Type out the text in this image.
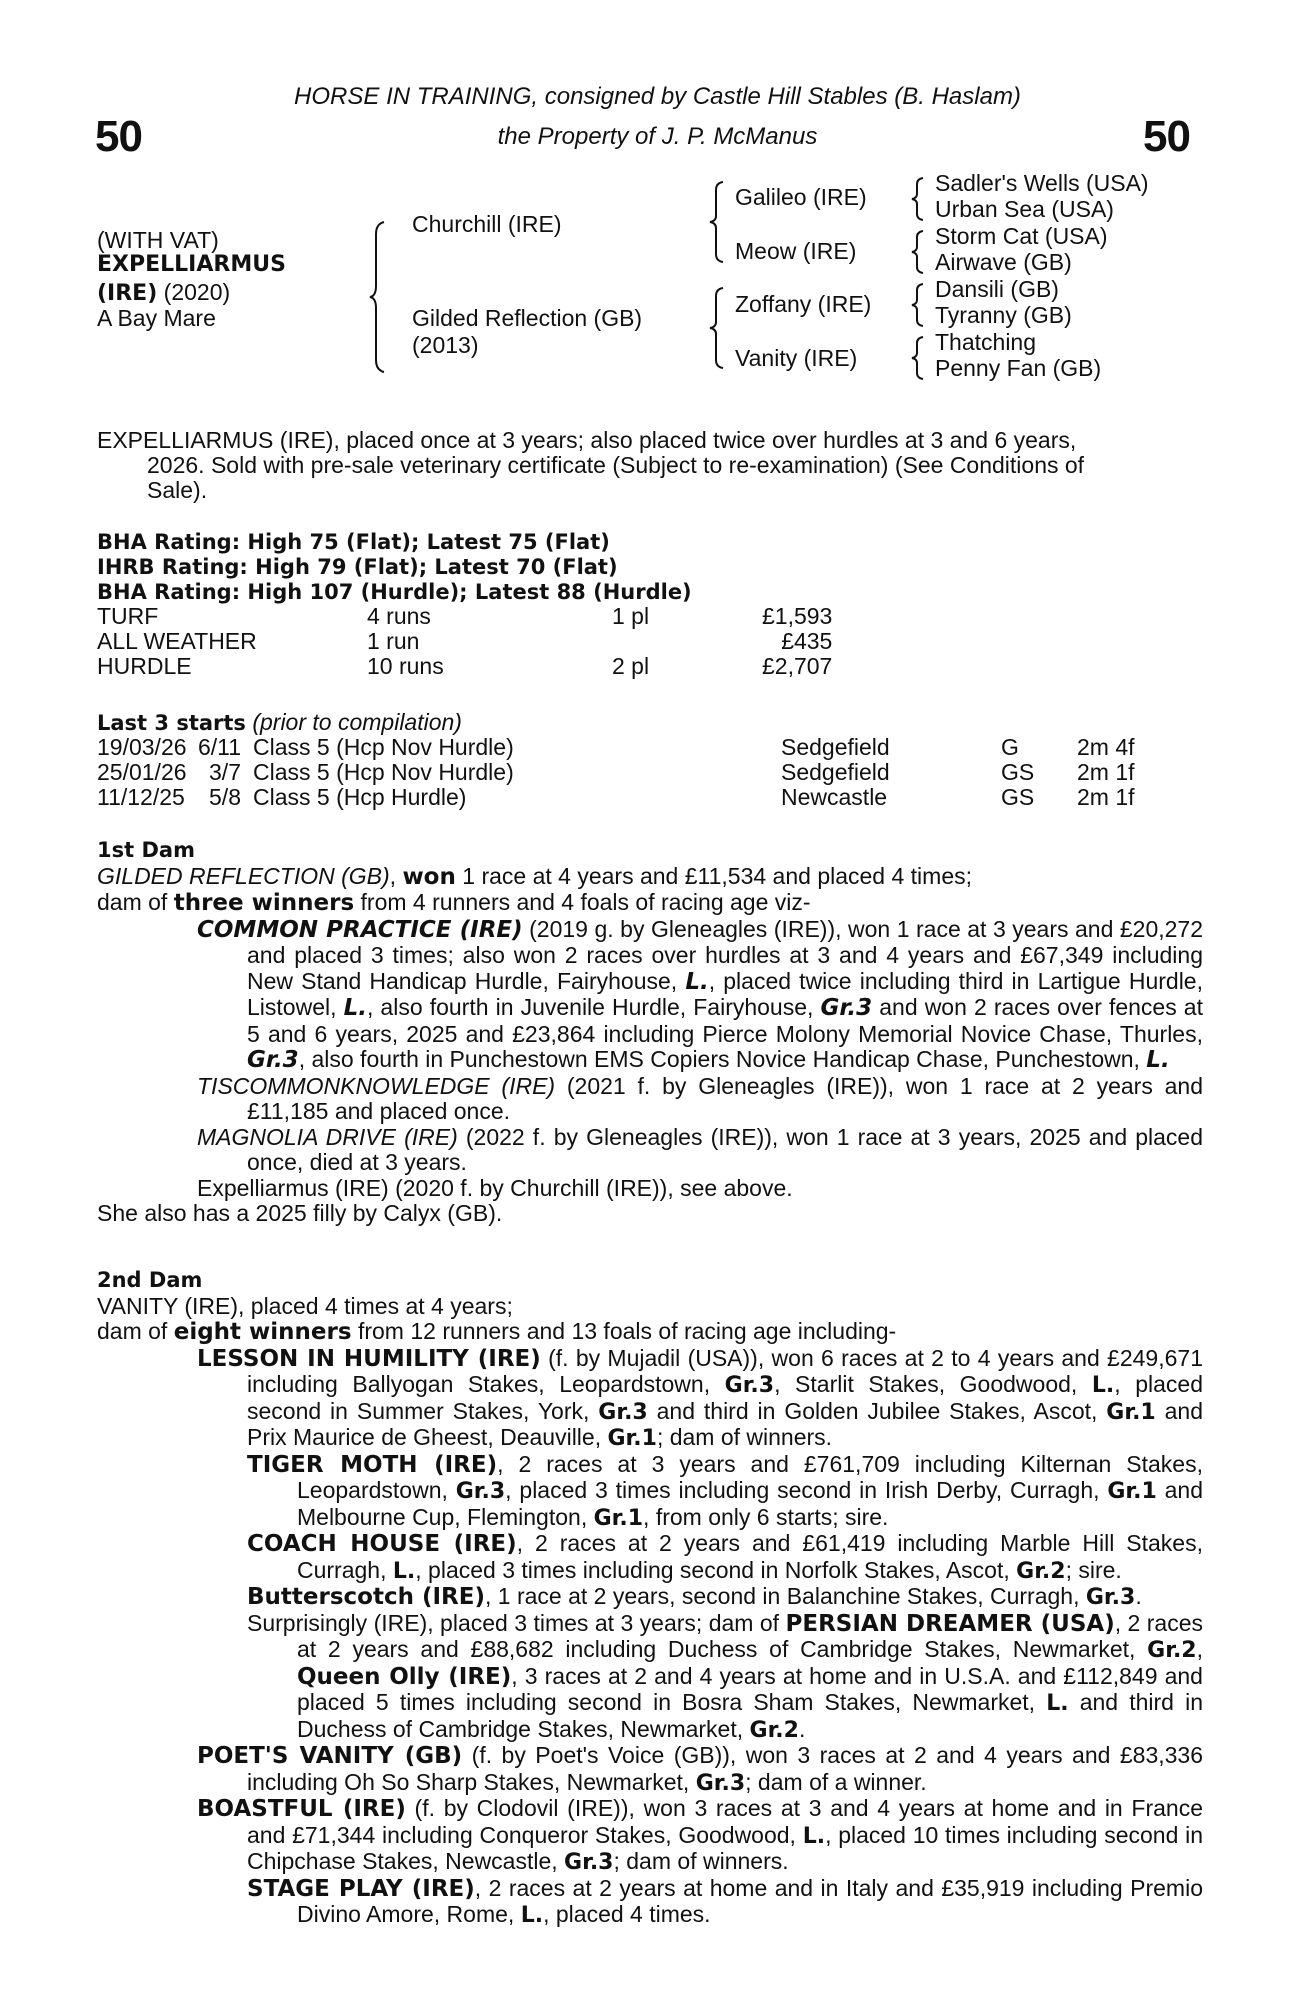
50	50
HORSE IN TRAINING, consigned by Castle Hill Stables (B. Haslam)
the Property of J. P. McManus
(WITH VAT)
EXPELLIARMUS
(IRE) (2020)
A Bay Mare
Churchill (IRE)
Gilded Reflection (GB)
(2013)
Galileo (IRE)
Meow (IRE)
Zoffany (IRE)
Vanity (IRE)
Sadler's Wells (USA)
Urban Sea (USA)
Storm Cat (USA)
Airwave (GB)
Dansili (GB)
Tyranny (GB)
Thatching
Penny Fan (GB)
EXPELLIARMUS (IRE), placed once at 3 years; also placed twice over hurdles at 3 and 6 years,
2026. Sold with pre-sale veterinary certificate (Subject to re-examination) (See Conditions of
Sale).
BHA Rating: High 75 (Flat); Latest 75 (Flat)
IHRB Rating: High 79 (Flat); Latest 70 (Flat)
BHA Rating: High 107 (Hurdle); Latest 88 (Hurdle)
TURF		4 runs	1 pl	£1,593
ALL WEATHER		1 run		£435
HURDLE		10 runs	2 pl	£2,707
Last 3 starts (prior to compilation)
19/03/26	6/11	Class 5 (Hcp Nov Hurdle)	Sedgefield	G	2m 4f
25/01/26	3/7	Class 5 (Hcp Nov Hurdle)	Sedgefield	GS	2m 1f
11/12/25	5/8	Class 5 (Hcp Hurdle)	Newcastle	GS	2m 1f

1st Dam

GILDED REFLECTION (GB), won 1 race at 4 years and £11,534 and placed 4 times;

dam of three winners from 4 runners and 4 foals of racing age viz-

COMMON PRACTICE (IRE) (2019 g. by Gleneagles (IRE)), won 1 race at 3 years and £20,272 and placed 3 times; also won 2 races over hurdles at 3 and 4 years and £67,349 including New Stand Handicap Hurdle, Fairyhouse, L., placed twice including third in Lartigue Hurdle, Listowel, L., also fourth in Juvenile Hurdle, Fairyhouse, Gr.3 and won 2 races over fences at 5 and 6 years, 2025 and £23,864 including Pierce Molony Memorial Novice Chase, Thurles, Gr.3, also fourth in Punchestown EMS Copiers Novice Handicap Chase, Punchestown, L.

TISCOMMONKNOWLEDGE (IRE) (2021 f. by Gleneagles (IRE)), won 1 race at 2 years and £11,185 and placed once.

MAGNOLIA DRIVE (IRE) (2022 f. by Gleneagles (IRE)), won 1 race at 3 years, 2025 and placed once, died at 3 years.

Expelliarmus (IRE) (2020 f. by Churchill (IRE)), see above.

She also has a 2025 filly by Calyx (GB).

2nd Dam

VANITY (IRE), placed 4 times at 4 years;

dam of eight winners from 12 runners and 13 foals of racing age including-

LESSON IN HUMILITY (IRE) (f. by Mujadil (USA)), won 6 races at 2 to 4 years and £249,671 including Ballyogan Stakes, Leopardstown, Gr.3, Starlit Stakes, Goodwood, L., placed second in Summer Stakes, York, Gr.3 and third in Golden Jubilee Stakes, Ascot, Gr.1 and Prix Maurice de Gheest, Deauville, Gr.1; dam of winners.

TIGER MOTH (IRE), 2 races at 3 years and £761,709 including Kilternan Stakes, Leopardstown, Gr.3, placed 3 times including second in Irish Derby, Curragh, Gr.1 and Melbourne Cup, Flemington, Gr.1, from only 6 starts; sire.

COACH HOUSE (IRE), 2 races at 2 years and £61,419 including Marble Hill Stakes, Curragh, L., placed 3 times including second in Norfolk Stakes, Ascot, Gr.2; sire.

Butterscotch (IRE), 1 race at 2 years, second in Balanchine Stakes, Curragh, Gr.3.

Surprisingly (IRE), placed 3 times at 3 years; dam of PERSIAN DREAMER (USA), 2 races at 2 years and £88,682 including Duchess of Cambridge Stakes, Newmarket, Gr.2, Queen Olly (IRE), 3 races at 2 and 4 years at home and in U.S.A. and £112,849 and placed 5 times including second in Bosra Sham Stakes, Newmarket, L. and third in Duchess of Cambridge Stakes, Newmarket, Gr.2.

POET'S VANITY (GB) (f. by Poet's Voice (GB)), won 3 races at 2 and 4 years and £83,336 including Oh So Sharp Stakes, Newmarket, Gr.3; dam of a winner.

BOASTFUL (IRE) (f. by Clodovil (IRE)), won 3 races at 3 and 4 years at home and in France and £71,344 including Conqueror Stakes, Goodwood, L., placed 10 times including second in Chipchase Stakes, Newcastle, Gr.3; dam of winners.

STAGE PLAY (IRE), 2 races at 2 years at home and in Italy and £35,919 including Premio Divino Amore, Rome, L., placed 4 times.
